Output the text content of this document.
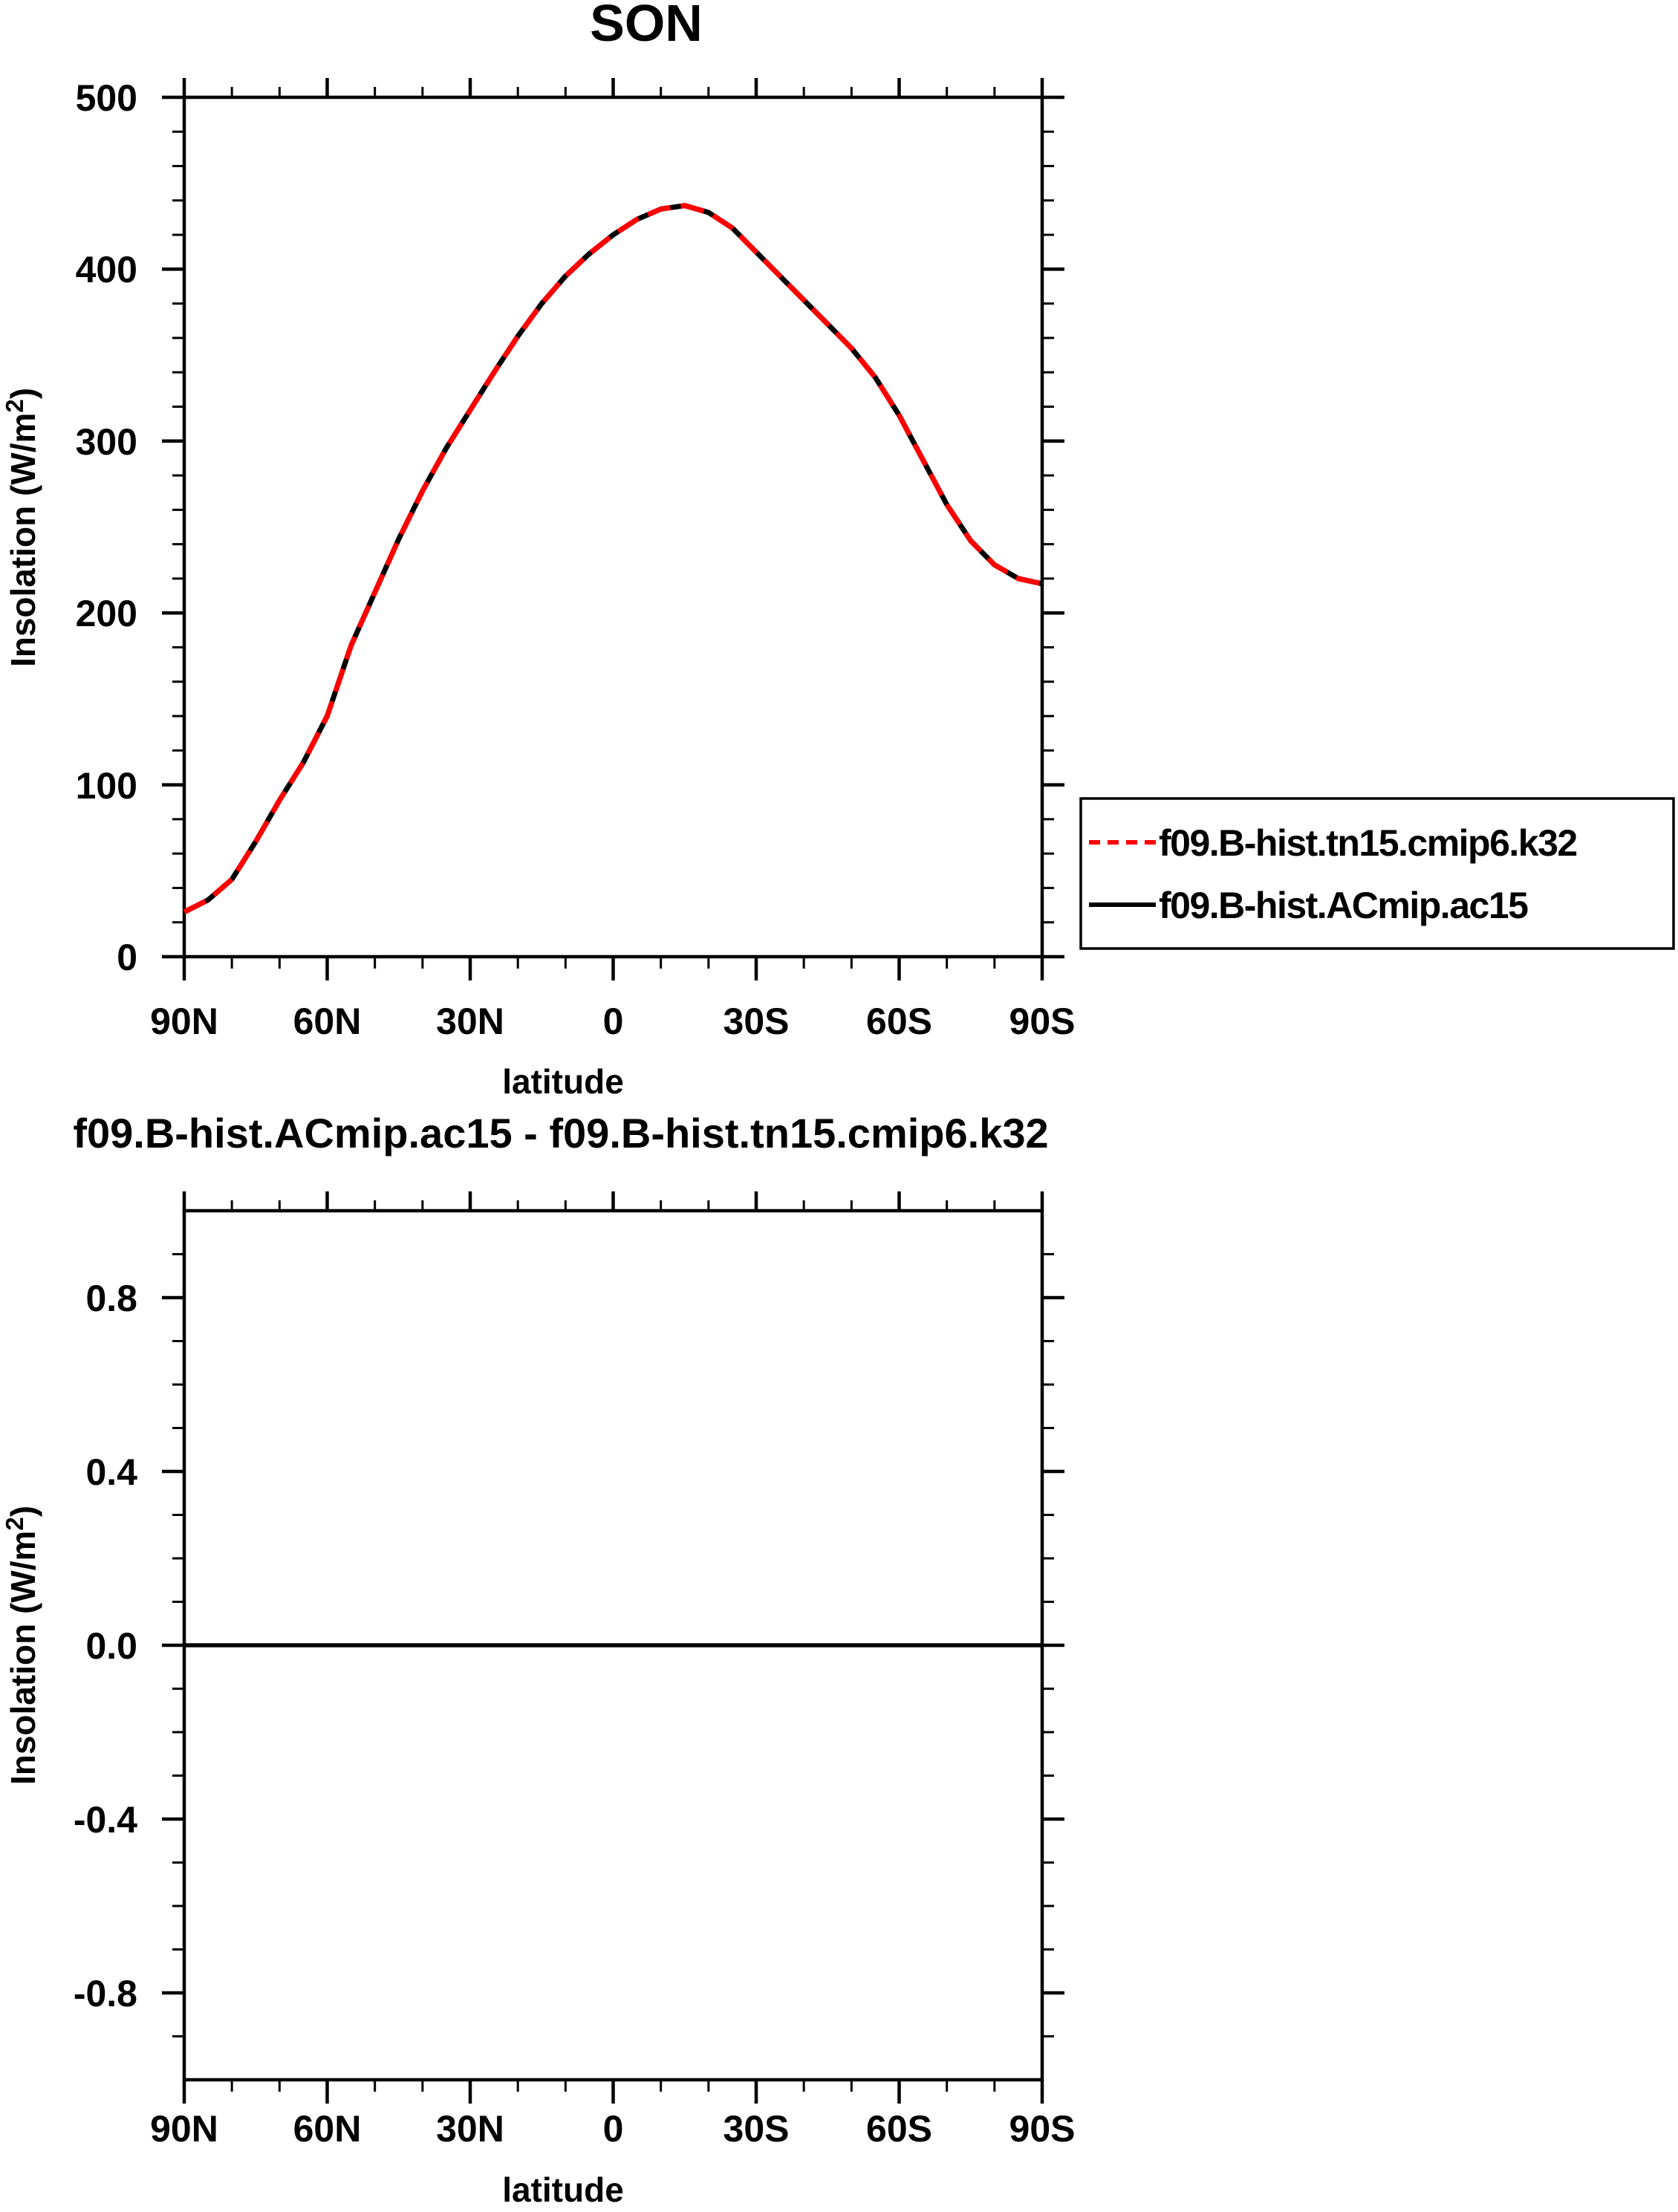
SON
0
100
200
300
400
500
90N 60N 30N	0	30S 60S 90S
latitude
Insolation $(W/m^2)$
f09.B-hist.tn15.cmip6.k32
f09.B-hist.ACmip.ac15
f09.B-hist.ACmip.ac15 - f09.B-hist.tn15.cmip6.k32
0.8
0.4
0.0
-0.4
-0.8
90N 60N 30N	0	30S 60S 90S
latitude
Insolation $(W/m^2)$
